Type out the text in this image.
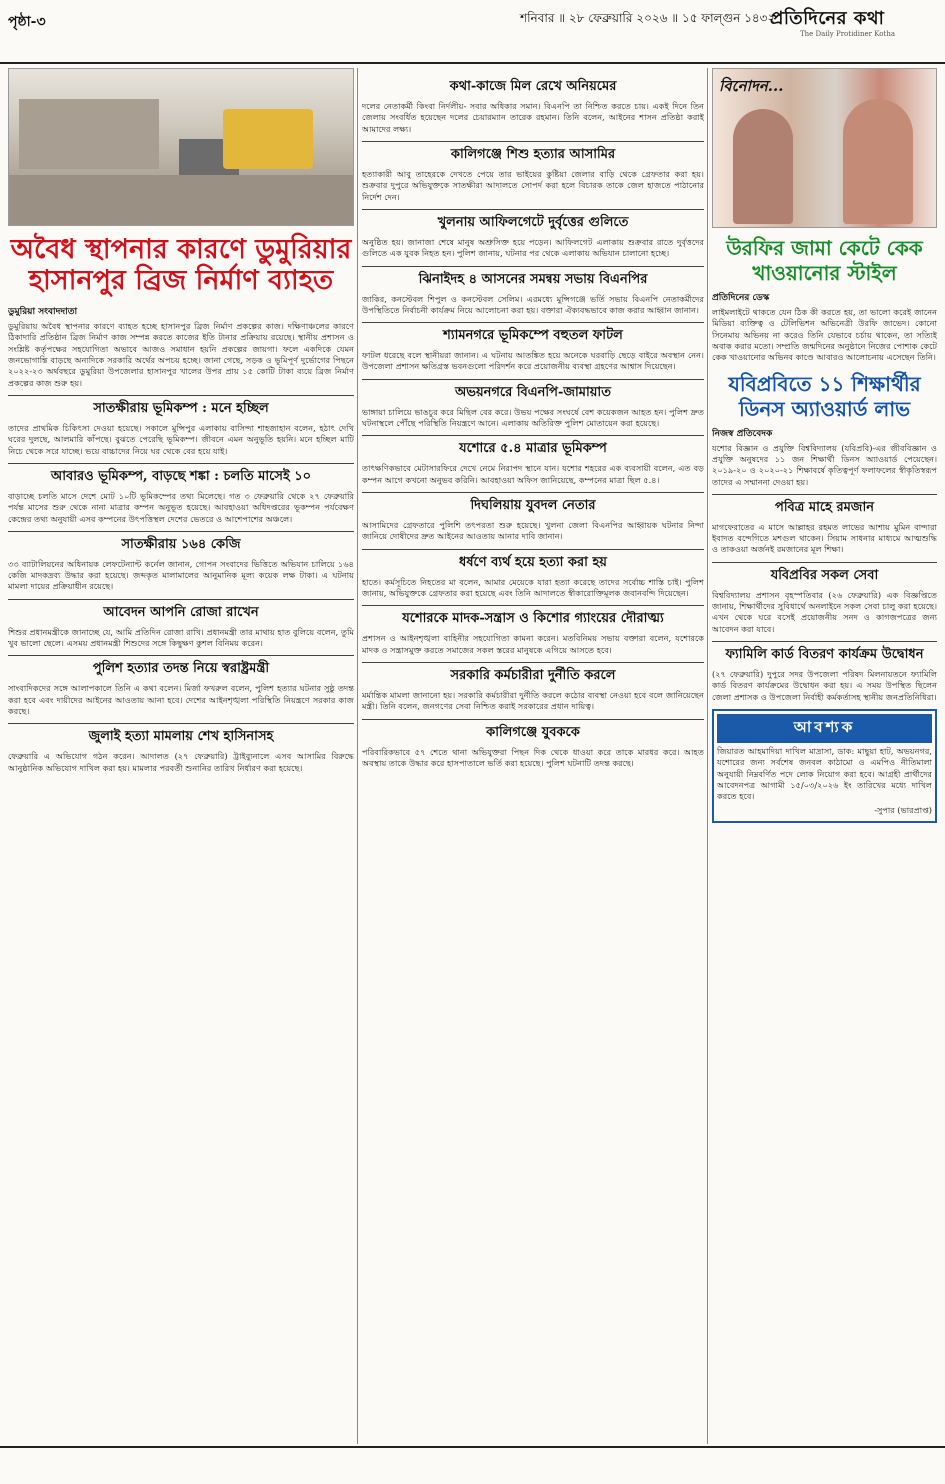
পৃষ্ঠা-৩	শনিবার ॥ ২৮ ফেব্রুয়ারি ২০২৬ ॥ ১৫ ফাল্গুন ১৪৩২
প্রতিদিনের কথা
The Daily Protidiner Kotha
অবৈধ স্থাপনার কারণে ডুমুরিয়ার হাসানপুর ব্রিজ নির্মাণ ব্যাহত
ডুমুরিয়া সংবাদদাতা

ডুমুরিয়ায় অবৈধ স্থাপনার কারণে ব্যাহত হচ্ছে হাসানপুর ব্রিজ নির্মাণ প্রকল্পের কাজ। দক্ষিণাঞ্চলের কারণে ঠিকাদারি প্রতিষ্ঠান ব্রিজ নির্মাণ কাজ সম্পন্ন করতে কাজের ইতি টানার প্রক্রিয়ায় রয়েছে। স্থানীয় প্রশাসন ও সংশ্লিষ্ট কর্তৃপক্ষের সহযোগিতা অভাবে আজও সমাধান হয়নি প্রকল্পের জায়গা। ফলে একদিকে যেমন জনভোগান্তি বাড়ছে অন্যদিকে সরকারি অর্থের অপচয় হচ্ছে। জানা গেছে, সড়ক ও ভূমিপূর্ণ দুর্ভোগের পিছনে ২০২২-২৩ অর্থবছরে ডুমুরিয়া উপজেলার হাসানপুর খালের উপর প্রায় ১৫ কোটি টাকা ব্যয়ে ব্রিজ নির্মাণ প্রকল্পের কাজ শুরু হয়।

সাতক্ষীরায় ভূমিকম্প : মনে হচ্ছিল

তাদের প্রাথমিক চিকিৎসা দেওয়া হয়েছে। সকালে মুন্সিপুর এলাকায় বাসিন্দা শাহজাহান বলেন, হঠাৎ দেখি ঘরের দুলছে, আলমারি কাঁপছে। বুঝতে পেরেছি ভূমিকম্প। জীবনে এমন অনুভূতি হয়নি। মনে হচ্ছিল মাটি নিচে থেকে সরে যাচ্ছে। ভয়ে বাচ্চাদের নিয়ে ঘর থেকে বের হয়ে যাই।

আবারও ভূমিকম্প, বাড়ছে শঙ্কা : চলতি মাসেই ১০

বাড়াচ্ছে চলতি মাসে দেশে মোট ১০টি ভূমিকম্পের তথ্য মিলেছে। গত ৩ ফেব্রুয়ারি থেকে ২৭ ফেব্রুয়ারি পর্যন্ত মাসের শুরু থেকে নানা মাত্রার কম্পন অনুভূত হয়েছে। আবহাওয়া অধিদপ্তরের ভূকম্পন পর্যবেক্ষণ কেন্দ্রের তথ্য অনুযায়ী এসব কম্পনের উৎপত্তিস্থল দেশের ভেতরে ও আশেপাশের অঞ্চলে।

সাতক্ষীরায় ১৬৪ কেজি

৩৩ ব্যাটালিয়নের অধিনায়ক লেফটেন্যান্ট কর্নেল জানান, গোপন সংবাদের ভিত্তিতে অভিযান চালিয়ে ১৬৪ কেজি মাদকদ্রব্য উদ্ধার করা হয়েছে। জব্দকৃত মালামালের আনুমানিক মূল্য কয়েক লক্ষ টাকা। এ ঘটনায় মামলা দায়ের প্রক্রিয়াধীন রয়েছে।

আবেদন আপনি রোজা রাখেন

শিশুর প্রধানমন্ত্রীকে জানাচ্ছে যে, আমি প্রতিদিন রোজা রাখি। প্রধানমন্ত্রী তার মাথায় হাত বুলিয়ে বলেন, তুমি খুব ভালো ছেলে। এসময় প্রধানমন্ত্রী শিশুদের সঙ্গে কিছুক্ষণ কুশল বিনিময় করেন।

পুলিশ হত্যার তদন্ত নিয়ে স্বরাষ্ট্রমন্ত্রী

সাংবাদিকদের সঙ্গে আলাপকালে তিনি এ কথা বলেন। মির্জা ফখরুল বলেন, পুলিশ হত্যার ঘটনার সুষ্ঠু তদন্ত করা হবে এবং দায়ীদের আইনের আওতায় আনা হবে। দেশের আইনশৃঙ্খলা পরিস্থিতি নিয়ন্ত্রণে সরকার কাজ করছে।

জুলাই হত্যা মামলায় শেখ হাসিনাসহ

ফেব্রুয়ারি এ অভিযোগ গঠন করেন। আদালত (২৭ ফেব্রুয়ারি) ট্রাইব্যুনালে এসব আসামির বিরুদ্ধে আনুষ্ঠানিক অভিযোগ দাখিল করা হয়। মামলার পরবর্তী শুনানির তারিখ নির্ধারণ করা হয়েছে।

কথা-কাজে মিল রেখে অনিয়মের

দলের নেতাকর্মী কিংবা নির্দলীয়- সবার অধিকার সমান। বিএনপি তা নিশ্চিত করতে চায়। একই দিনে তিন জেলায় সংবর্ধিত হয়েছেন দলের চেয়ারম্যান তারেক রহমান। তিনি বলেন, আইনের শাসন প্রতিষ্ঠা করাই আমাদের লক্ষ্য।

কালিগঞ্জে শিশু হত্যার আসামির

হত্যাকারী আবু তাহেরকে দেখতে পেয়ে তার ভাইয়ের কুষ্টিয়া জেলার বাড়ি থেকে গ্রেফতার করা হয়। শুক্রবার দুপুরে অভিযুক্তকে সাতক্ষীরা আদালতে সোপর্দ করা হলে বিচারক তাকে জেল হাজতে পাঠানোর নির্দেশ দেন।

খুলনায় আফিলগেটে দুর্বৃত্তের গুলিতে

অনুষ্ঠিত হয়। জানাজা শেষে মানুষ অশ্রুসিক্ত হয়ে পড়েন। আফিলগেট এলাকায় শুক্রবার রাতে দুর্বৃত্তদের গুলিতে এক যুবক নিহত হন। পুলিশ জানায়, ঘটনার পর থেকে এলাকায় অভিযান চালানো হচ্ছে।

ঝিনাইদহ ৪ আসনের সমন্বয় সভায় বিএনপির

জাকির, কনস্টেবল শিপুল ও কনস্টেবল সেলিম। এরমধ্যে মুন্সিগঞ্জে ভর্তি সভায় বিএনপি নেতাকর্মীদের উপস্থিতিতে নির্বাচনী কার্যক্রম নিয়ে আলোচনা করা হয়। বক্তারা ঐক্যবদ্ধভাবে কাজ করার আহ্বান জানান।

শ্যামনগরে ভূমিকম্পে বহুতল ফাটল

ফাটল ধরেছে বলে স্থানীয়রা জানান। এ ঘটনায় আতঙ্কিত হয়ে অনেকে ঘরবাড়ি ছেড়ে বাইরে অবস্থান নেন। উপজেলা প্রশাসন ক্ষতিগ্রস্ত ভবনগুলো পরিদর্শন করে প্রয়োজনীয় ব্যবস্থা গ্রহণের আশ্বাস দিয়েছেন।

অভয়নগরে বিএনপি-জামায়াত

ভাঙ্গায়া চালিয়ে ভাঙচুর করে মিছিল বের করে। উভয় পক্ষের সংঘর্ষে বেশ কয়েকজন আহত হন। পুলিশ দ্রুত ঘটনাস্থলে পৌঁছে পরিস্থিতি নিয়ন্ত্রণে আনে। এলাকায় অতিরিক্ত পুলিশ মোতায়েন করা হয়েছে।

যশোরে ৫.৪ মাত্রার ভূমিকম্প

তাৎক্ষণিকভাবে মেটাসারফিরে দেখে নেমে নিরাপদ স্থানে যান। যশোর শহরের এক ব্যবসায়ী বলেন, এত বড় কম্পন আগে কখনো অনুভব করিনি। আবহাওয়া অফিস জানিয়েছে, কম্পনের মাত্রা ছিল ৫.৪।

দিঘলিয়ায় যুবদল নেতার

আসামিদের গ্রেফতারে পুলিশি তৎপরতা শুরু হয়েছে। খুলনা জেলা বিএনপির আহ্বায়ক ঘটনার নিন্দা জানিয়ে দোষীদের দ্রুত আইনের আওতায় আনার দাবি জানান।

ধর্ষণে ব্যর্থ হয়ে হত্যা করা হয়

হাতে। কর্মসূচিতে নিহতের মা বলেন, আমার মেয়েকে যারা হত্যা করেছে তাদের সর্বোচ্চ শাস্তি চাই। পুলিশ জানায়, অভিযুক্তকে গ্রেফতার করা হয়েছে এবং তিনি আদালতে স্বীকারোক্তিমূলক জবানবন্দি দিয়েছেন।

যশোরকে মাদক-সন্ত্রাস ও কিশোর গ্যাংয়ের দৌরাত্ম্য

প্রশাসন ও আইনশৃঙ্খলা বাহিনীর সহযোগিতা কামনা করেন। মতবিনিময় সভায় বক্তারা বলেন, যশোরকে মাদক ও সন্ত্রাসমুক্ত করতে সমাজের সকল স্তরের মানুষকে এগিয়ে আসতে হবে।

সরকারি কর্মচারীরা দুর্নীতি করলে

মর্মান্তিক মামলা জানানো হয়। সরকারি কর্মচারীরা দুর্নীতি করলে কঠোর ব্যবস্থা নেওয়া হবে বলে জানিয়েছেন মন্ত্রী। তিনি বলেন, জনগণের সেবা নিশ্চিত করাই সরকারের প্রধান দায়িত্ব।

কালিগঞ্জে যুবককে

পরিবারিকভাবে ৫৭ শেতে থানা অভিযুক্তরা পিছন দিক থেকে ধাওয়া করে তাকে মারধর করে। আহত অবস্থায় তাকে উদ্ধার করে হাসপাতালে ভর্তি করা হয়েছে। পুলিশ ঘটনাটি তদন্ত করছে।

বিনোদন...
উরফির জামা কেটে কেক খাওয়ানোর স্টাইল
প্রতিদিনের ডেস্ক

লাইমলাইটে থাকতে যেন ঠিক কী করতে হয়, তা ভালো করেই জানেন মিডিয়া ব্যক্তিত্ব ও টেলিভিশন অভিনেত্রী উরফি জাভেদ। কোনো সিনেমায় অভিনয় না করেও তিনি যেভাবে চর্চায় থাকেন, তা সত্যিই অবাক করার মতো। সম্প্রতি জন্মদিনের অনুষ্ঠানে নিজের পোশাক কেটে কেক খাওয়ানোর অভিনব কাণ্ডে আবারও আলোচনায় এসেছেন তিনি।

যবিপ্রবিতে ১১ শিক্ষার্থীর ডিনস অ্যাওয়ার্ড লাভ
নিজস্ব প্রতিবেদক

যশোর বিজ্ঞান ও প্রযুক্তি বিশ্ববিদ্যালয় (যবিপ্রবি)-এর জীববিজ্ঞান ও প্রযুক্তি অনুষদের ১১ জন শিক্ষার্থী ডিনস অ্যাওয়ার্ড পেয়েছেন। ২০১৯-২০ ও ২০২০-২১ শিক্ষাবর্ষে কৃতিত্বপূর্ণ ফলাফলের স্বীকৃতিস্বরূপ তাদের এ সম্মাননা দেওয়া হয়।

পবিত্র মাহে রমজান

মাগফেরাতের এ মাসে আল্লাহর রহমত লাভের আশায় মুমিন বান্দারা ইবাদত বন্দেগিতে মশগুল থাকেন। সিয়াম সাধনার মাধ্যমে আত্মশুদ্ধি ও তাকওয়া অর্জনই রমজানের মূল শিক্ষা।

যবিপ্রবির সকল সেবা

বিশ্ববিদ্যালয় প্রশাসন বৃহস্পতিবার (২৬ ফেব্রুয়ারি) এক বিজ্ঞপ্তিতে জানায়, শিক্ষার্থীদের সুবিধার্থে অনলাইনে সকল সেবা চালু করা হয়েছে। এখন থেকে ঘরে বসেই প্রয়োজনীয় সনদ ও কাগজপত্রের জন্য আবেদন করা যাবে।

ফ্যামিলি কার্ড বিতরণ কার্যক্রম উদ্বোধন

(২৭ ফেব্রুয়ারি) দুপুরে সদর উপজেলা পরিষদ মিলনায়তনে ফ্যামিলি কার্ড বিতরণ কার্যক্রমের উদ্বোধন করা হয়। এ সময় উপস্থিত ছিলেন জেলা প্রশাসক ও উপজেলা নির্বাহী কর্মকর্তাসহ স্থানীয় জনপ্রতিনিধিরা।

আবশ্যক

জিয়ারত আহমাদিয়া দাখিল মাদ্রাসা, ডাক: মাছুয়া হাট, অভয়নগর, যশোরের জন্য সর্বশেষ জনবল কাঠামো ও এমপিও নীতিমালা অনুযায়ী নিম্নবর্ণিত পদে লোক নিয়োগ করা হবে। আগ্রহী প্রার্থীদের আবেদনপত্র আগামী ১৫/০৩/২০২৬ ইং তারিখের মধ্যে দাখিল করতে হবে।

-সুপার (ভারপ্রাপ্ত)
